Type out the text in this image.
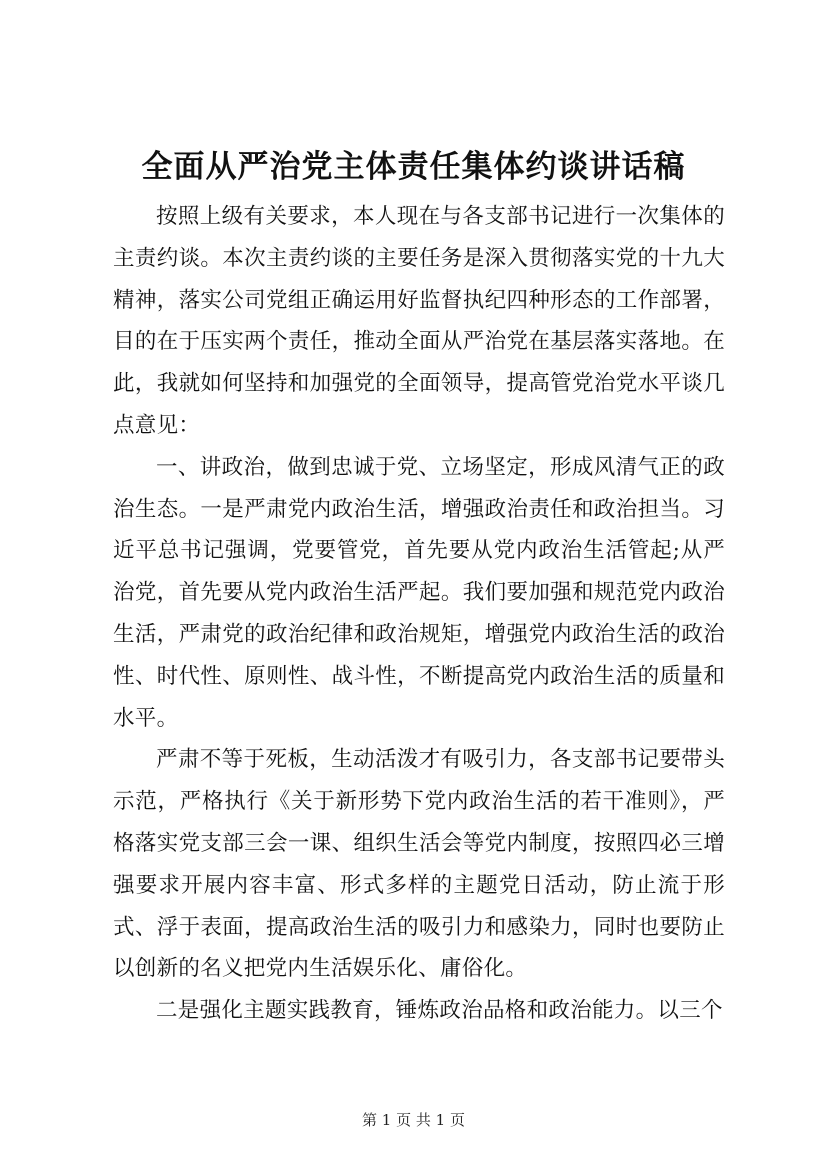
全面从严治党主体责任集体约谈讲话稿

按照上级有关要求，本人现在与各支部书记进行一次集体的主责约谈。本次主责约谈的主要任务是深入贯彻落实党的十九大精神，落实公司党组正确运用好监督执纪四种形态的工作部署，目的在于压实两个责任，推动全面从严治党在基层落实落地。在此，我就如何坚持和加强党的全面领导，提高管党治党水平谈几点意见：

一、讲政治，做到忠诚于党、立场坚定，形成风清气正的政治生态。一是严肃党内政治生活，增强政治责任和政治担当。习近平总书记强调，党要管党，首先要从党内政治生活管起;从严治党，首先要从党内政治生活严起。我们要加强和规范党内政治生活，严肃党的政治纪律和政治规矩，增强党内政治生活的政治性、时代性、原则性、战斗性，不断提高党内政治生活的质量和水平。

严肃不等于死板，生动活泼才有吸引力，各支部书记要带头示范，严格执行《关于新形势下党内政治生活的若干准则》，严格落实党支部三会一课、组织生活会等党内制度，按照四必三增强要求开展内容丰富、形式多样的主题党日活动，防止流于形式、浮于表面，提高政治生活的吸引力和感染力，同时也要防止以创新的名义把党内生活娱乐化、庸俗化。

二是强化主题实践教育，锤炼政治品格和政治能力。以三个

第 1 页 共 1 页
